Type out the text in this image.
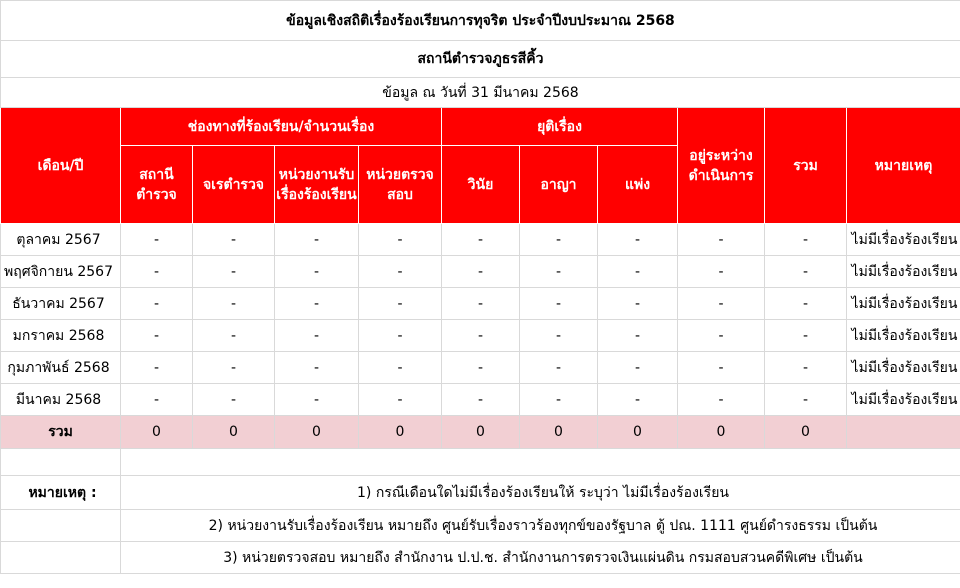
ข้อมูลเชิงสถิติเรื่องร้องเรียนการทุจริต ประจำปีงบประมาณ 2568										
สถานีตำรวจภูธรสีคิ้ว										
ข้อมูล ณ วันที่ 31 มีนาคม 2568										
เดือน/ปี	ช่องทางที่ร้องเรียน/จำนวนเรื่อง				ยุติเรื่อง			อยู่ระหว่างดำเนินการ	รวม	หมายเหตุ
	สถานีตำรวจ	จเรตำรวจ	หน่วยงานรับเรื่องร้องเรียน	หน่วยตรวจสอบ	วินัย	อาญา	แพ่ง			
ตุลาคม 2567	-	-	-	-	-	-	-	-	-	ไม่มีเรื่องร้องเรียน
พฤศจิกายน 2567	-	-	-	-	-	-	-	-	-	ไม่มีเรื่องร้องเรียน
ธันวาคม 2567	-	-	-	-	-	-	-	-	-	ไม่มีเรื่องร้องเรียน
มกราคม 2568	-	-	-	-	-	-	-	-	-	ไม่มีเรื่องร้องเรียน
กุมภาพันธ์ 2568	-	-	-	-	-	-	-	-	-	ไม่มีเรื่องร้องเรียน
มีนาคม 2568	-	-	-	-	-	-	-	-	-	ไม่มีเรื่องร้องเรียน
รวม	0	0	0	0	0	0	0	0	0	

หมายเหตุ :	1) กรณีเดือนใดไม่มีเรื่องร้องเรียนให้ ระบุว่า ไม่มีเรื่องร้องเรียน									
	2) หน่วยงานรับเรื่องร้องเรียน หมายถึง ศูนย์รับเรื่องราวร้องทุกข์ของรัฐบาล ตู้ ปณ. 1111 ศูนย์ดำรงธรรม เป็นต้น									
	3) หน่วยตรวจสอบ หมายถึง สำนักงาน ป.ป.ช. สำนักงานการตรวจเงินแผ่นดิน กรมสอบสวนคดีพิเศษ เป็นต้น									
